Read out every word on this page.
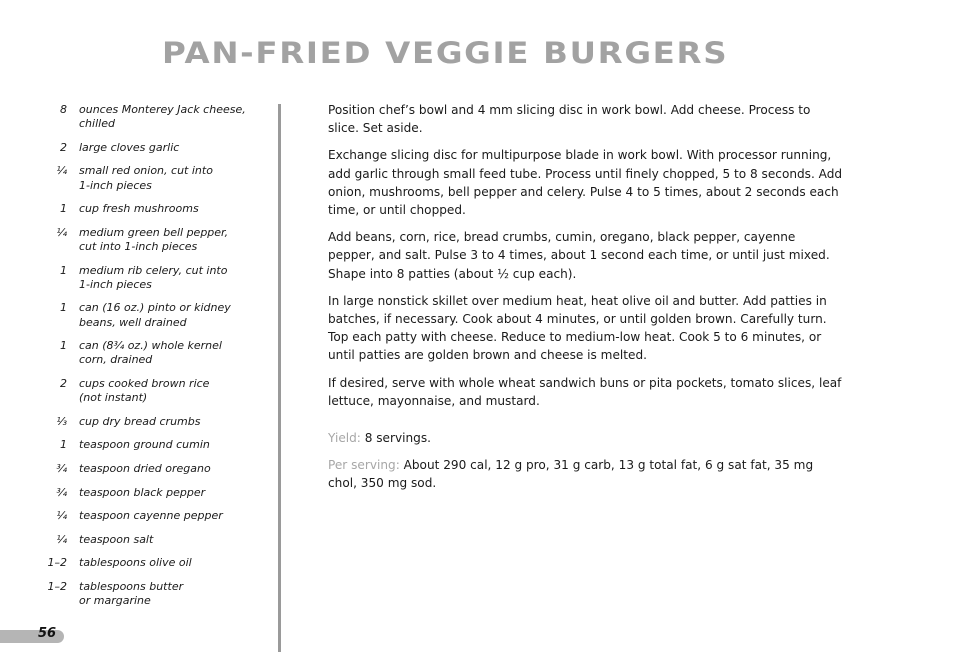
PAN-FRIED VEGGIE BURGERS
8 ounces Monterey Jack cheese,
chilled
2 large cloves garlic
¼ small red onion, cut into
1-inch pieces
1 cup fresh mushrooms
¼ medium green bell pepper,
cut into 1-inch pieces
1 medium rib celery, cut into
1-inch pieces
1 can (16 oz.) pinto or kidney
beans, well drained
1 can (8¾ oz.) whole kernel
corn, drained
2 cups cooked brown rice
(not instant)
⅓ cup dry bread crumbs
1 teaspoon ground cumin
¾ teaspoon dried oregano
¾ teaspoon black pepper
¼ teaspoon cayenne pepper
¼ teaspoon salt
1–2 tablespoons olive oil
1–2 tablespoons butter
or margarine

Position chef’s bowl and 4 mm slicing disc in work bowl. Add cheese. Process to slice. Set aside.

Exchange slicing disc for multipurpose blade in work bowl. With processor running, add garlic through small feed tube. Process until finely chopped, 5 to 8 seconds. Add onion, mushrooms, bell pepper and celery. Pulse 4 to 5 times, about 2 seconds each time, or until chopped.

Add beans, corn, rice, bread crumbs, cumin, oregano, black pepper, cayenne pepper, and salt. Pulse 3 to 4 times, about 1 second each time, or until just mixed. Shape into 8 patties (about ½ cup each).

In large nonstick skillet over medium heat, heat olive oil and butter. Add patties in batches, if necessary. Cook about 4 minutes, or until golden brown. Carefully turn. Top each patty with cheese. Reduce to medium-low heat. Cook 5 to 6 minutes, or until patties are golden brown and cheese is melted.

If desired, serve with whole wheat sandwich buns or pita pockets, tomato slices, leaf lettuce, mayonnaise, and mustard.

Yield: 8 servings.

Per serving: About 290 cal, 12 g pro, 31 g carb, 13 g total fat, 6 g sat fat, 35 mg chol, 350 mg sod.

56
